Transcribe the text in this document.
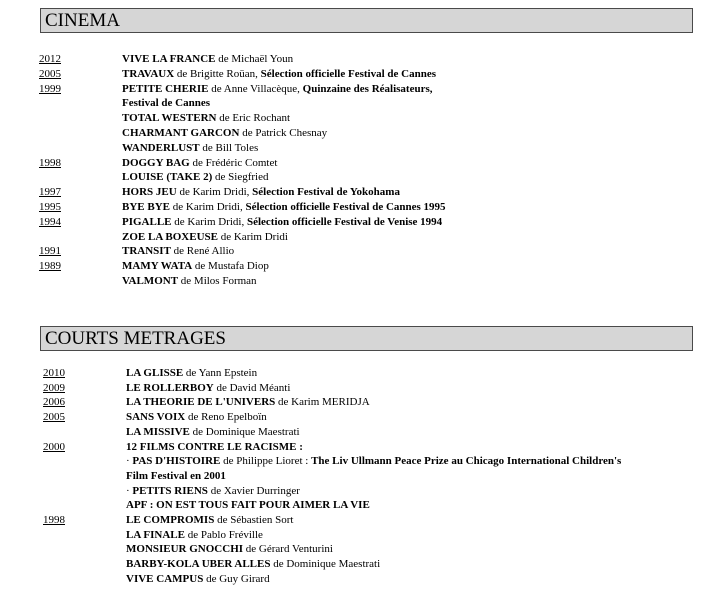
CINEMA
2012	VIVE LA FRANCE de Michaël Youn
2005	TRAVAUX de Brigitte Roüan, Sélection officielle Festival de Cannes
1999	PETITE CHERIE de Anne Villacèque, Quinzaine des Réalisateurs,
Festival de Cannes
TOTAL WESTERN de Eric Rochant
CHARMANT GARCON de Patrick Chesnay
WANDERLUST de Bill Toles
1998	DOGGY BAG de Frédéric Comtet
LOUISE (TAKE 2) de Siegfried
1997	HORS JEU de Karim Dridi, Sélection Festival de Yokohama
1995	BYE BYE de Karim Dridi, Sélection officielle Festival de Cannes 1995
1994	PIGALLE de Karim Dridi, Sélection officielle Festival de Venise 1994
ZOE LA BOXEUSE de Karim Dridi
1991	TRANSIT de René Allio
1989	MAMY WATA de Mustafa Diop
VALMONT de Milos Forman
COURTS METRAGES
2010	LA GLISSE de Yann Epstein
2009	LE ROLLERBOY de David Méanti
2006	LA THEORIE DE L'UNIVERS de Karim MERIDJA
2005	SANS VOIX de Reno Epelboïn
LA MISSIVE de Dominique Maestrati
2000	12 FILMS CONTRE LE RACISME :
· PAS D'HISTOIRE de Philippe Lioret : The Liv Ullmann Peace Prize au Chicago International Children's
Film Festival en 2001
· PETITS RIENS de Xavier Durringer
APF : ON EST TOUS FAIT POUR AIMER LA VIE
1998	LE COMPROMIS de Sébastien Sort
LA FINALE de Pablo Fréville
MONSIEUR GNOCCHI de Gérard Venturini
BARBY-KOLA UBER ALLES de Dominique Maestrati
VIVE CAMPUS de Guy Girard
